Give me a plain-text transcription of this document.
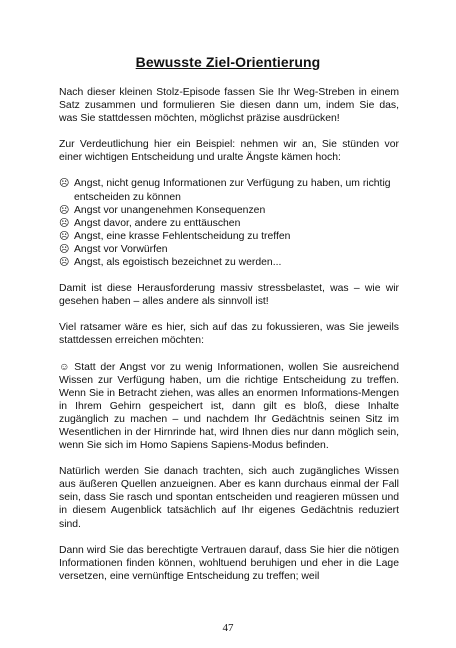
Bewusste Ziel-Orientierung

Nach dieser kleinen Stolz-Episode fassen Sie Ihr Weg-Streben in einem Satz zusammen und formulieren Sie diesen dann um, indem Sie das, was Sie stattdessen möchten, möglichst präzise ausdrücken!

Zur Verdeutlichung hier ein Beispiel: nehmen wir an, Sie stünden vor einer wichtigen Entscheidung und uralte Ängste kämen hoch:

☹ Angst, nicht genug Informationen zur Verfügung zu haben, um richtig entscheiden zu können
☹ Angst vor unangenehmen Konsequenzen
☹ Angst davor, andere zu enttäuschen
☹ Angst, eine krasse Fehlentscheidung zu treffen
☹ Angst vor Vorwürfen
☹ Angst, als egoistisch bezeichnet zu werden...

Damit ist diese Herausforderung massiv stressbelastet, was – wie wir gesehen haben – alles andere als sinnvoll ist!

Viel ratsamer wäre es hier, sich auf das zu fokussieren, was Sie jeweils stattdessen erreichen möchten:

☺ Statt der Angst vor zu wenig Informationen, wollen Sie ausreichend Wissen zur Verfügung haben, um die richtige Entscheidung zu treffen. Wenn Sie in Betracht ziehen, was alles an enormen Informations-Mengen in Ihrem Gehirn gespeichert ist, dann gilt es bloß, diese Inhalte zugänglich zu machen – und nachdem Ihr Gedächtnis seinen Sitz im Wesentlichen in der Hirnrinde hat, wird Ihnen dies nur dann möglich sein, wenn Sie sich im Homo Sapiens Sapiens-Modus befinden.

Natürlich werden Sie danach trachten, sich auch zugängliches Wissen aus äußeren Quellen anzueignen. Aber es kann durchaus einmal der Fall sein, dass Sie rasch und spontan entscheiden und reagieren müssen und in diesem Augenblick tatsächlich auf Ihr eigenes Gedächtnis reduziert sind.

Dann wird Sie das berechtigte Vertrauen darauf, dass Sie hier die nötigen Informationen finden können, wohltuend beruhigen und eher in die Lage versetzen, eine vernünftige Entscheidung zu treffen; weil

47
